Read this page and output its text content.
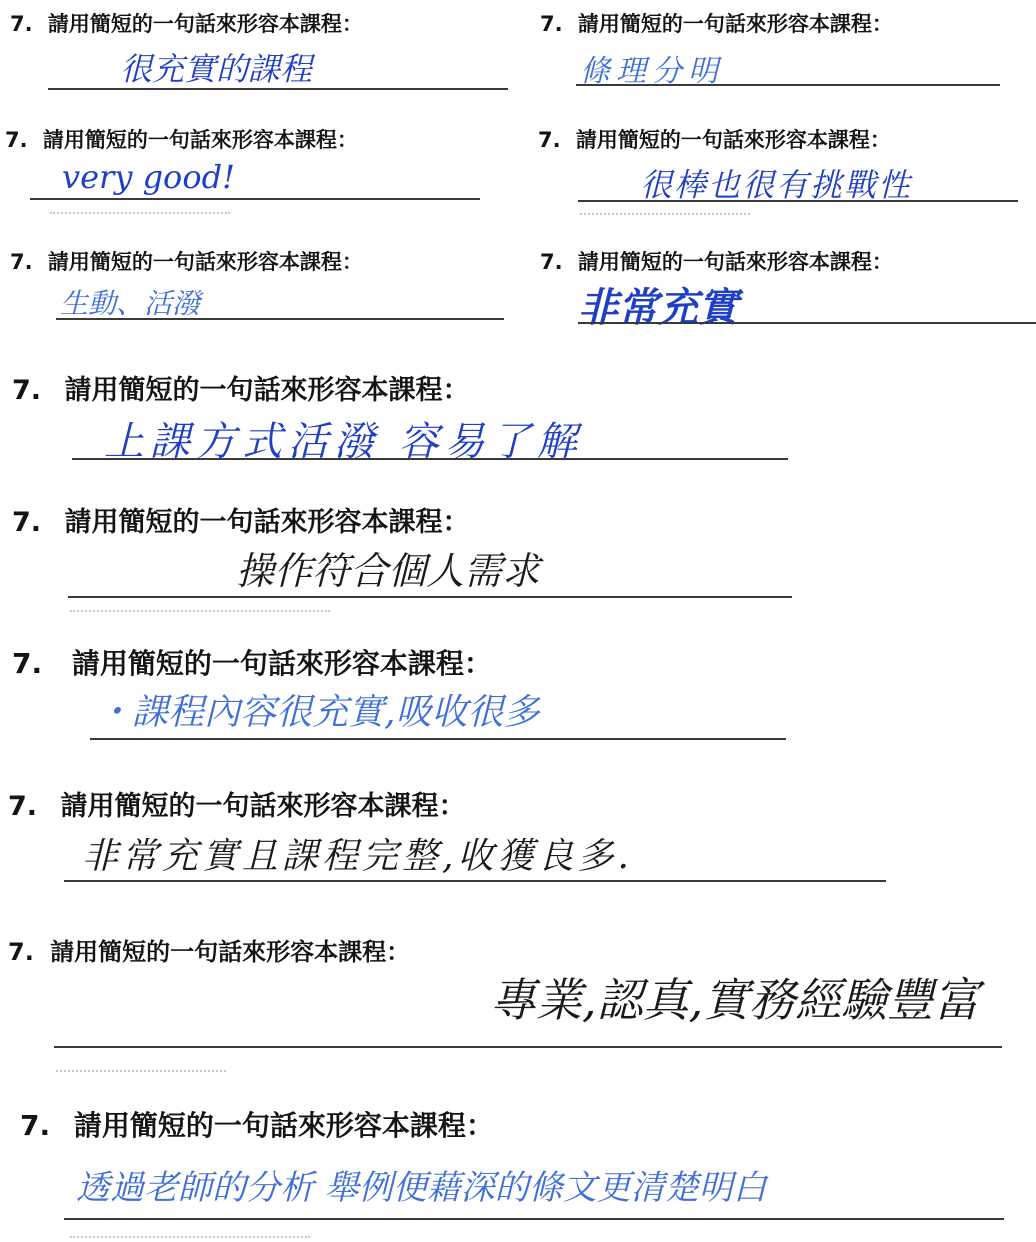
7. 請用簡短的一句話來形容本課程：
很充實的課程
7. 請用簡短的一句話來形容本課程：
條理分明
7. 請用簡短的一句話來形容本課程：
very good!
7. 請用簡短的一句話來形容本課程：
很棒也很有挑戰性
7. 請用簡短的一句話來形容本課程：
生動、活潑
7. 請用簡短的一句話來形容本課程：
非常充實
7. 請用簡短的一句話來形容本課程：
上課方式活潑 容易了解
7. 請用簡短的一句話來形容本課程：
操作符合個人需求
7. 請用簡短的一句話來形容本課程：
・課程內容很充實,吸收很多
7. 請用簡短的一句話來形容本課程：
非常充實且課程完整,收獲良多.
7. 請用簡短的一句話來形容本課程：
專業,認真,實務經驗豐富
7. 請用簡短的一句話來形容本課程：
透過老師的分析 舉例便藉深的條文更清楚明白
